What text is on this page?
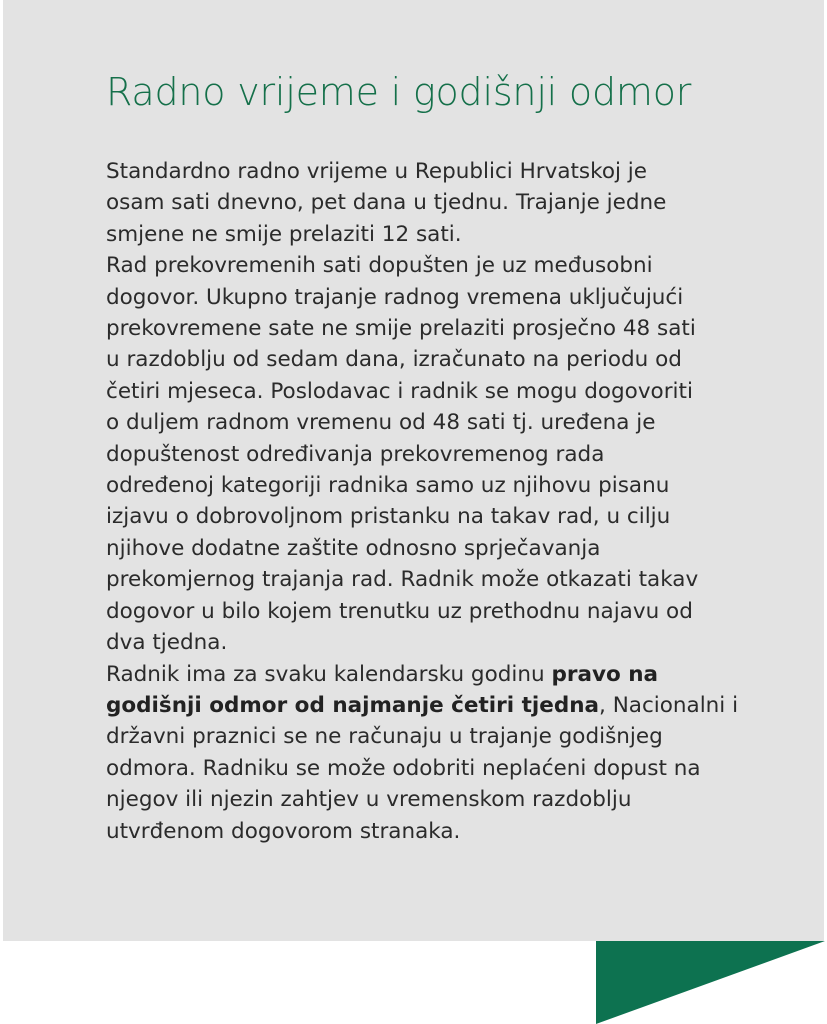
Radno vrijeme i godišnji odmor

Standardno radno vrijeme u Republici Hrvatskoj je
osam sati dnevno, pet dana u tjednu. Trajanje jedne
smjene ne smije prelaziti 12 sati.

Rad prekovremenih sati dopušten je uz međusobni
dogovor. Ukupno trajanje radnog vremena uključujući
prekovremene sate ne smije prelaziti prosječno 48 sati
u razdoblju od sedam dana, izračunato na periodu od
četiri mjeseca. Poslodavac i radnik se mogu dogovoriti
o duljem radnom vremenu od 48 sati tj. uređena je
dopuštenost određivanja prekovremenog rada
određenoj kategoriji radnika samo uz njihovu pisanu
izjavu o dobrovoljnom pristanku na takav rad, u cilju
njihove dodatne zaštite odnosno sprječavanja
prekomjernog trajanja rad. Radnik može otkazati takav
dogovor u bilo kojem trenutku uz prethodnu najavu od
dva tjedna.

Radnik ima za svaku kalendarsku godinu pravo na
godišnji odmor od najmanje četiri tjedna, Nacionalni i
državni praznici se ne računaju u trajanje godišnjeg
odmora. Radniku se može odobriti neplaćeni dopust na
njegov ili njezin zahtjev u vremenskom razdoblju
utvrđenom dogovorom stranaka.
